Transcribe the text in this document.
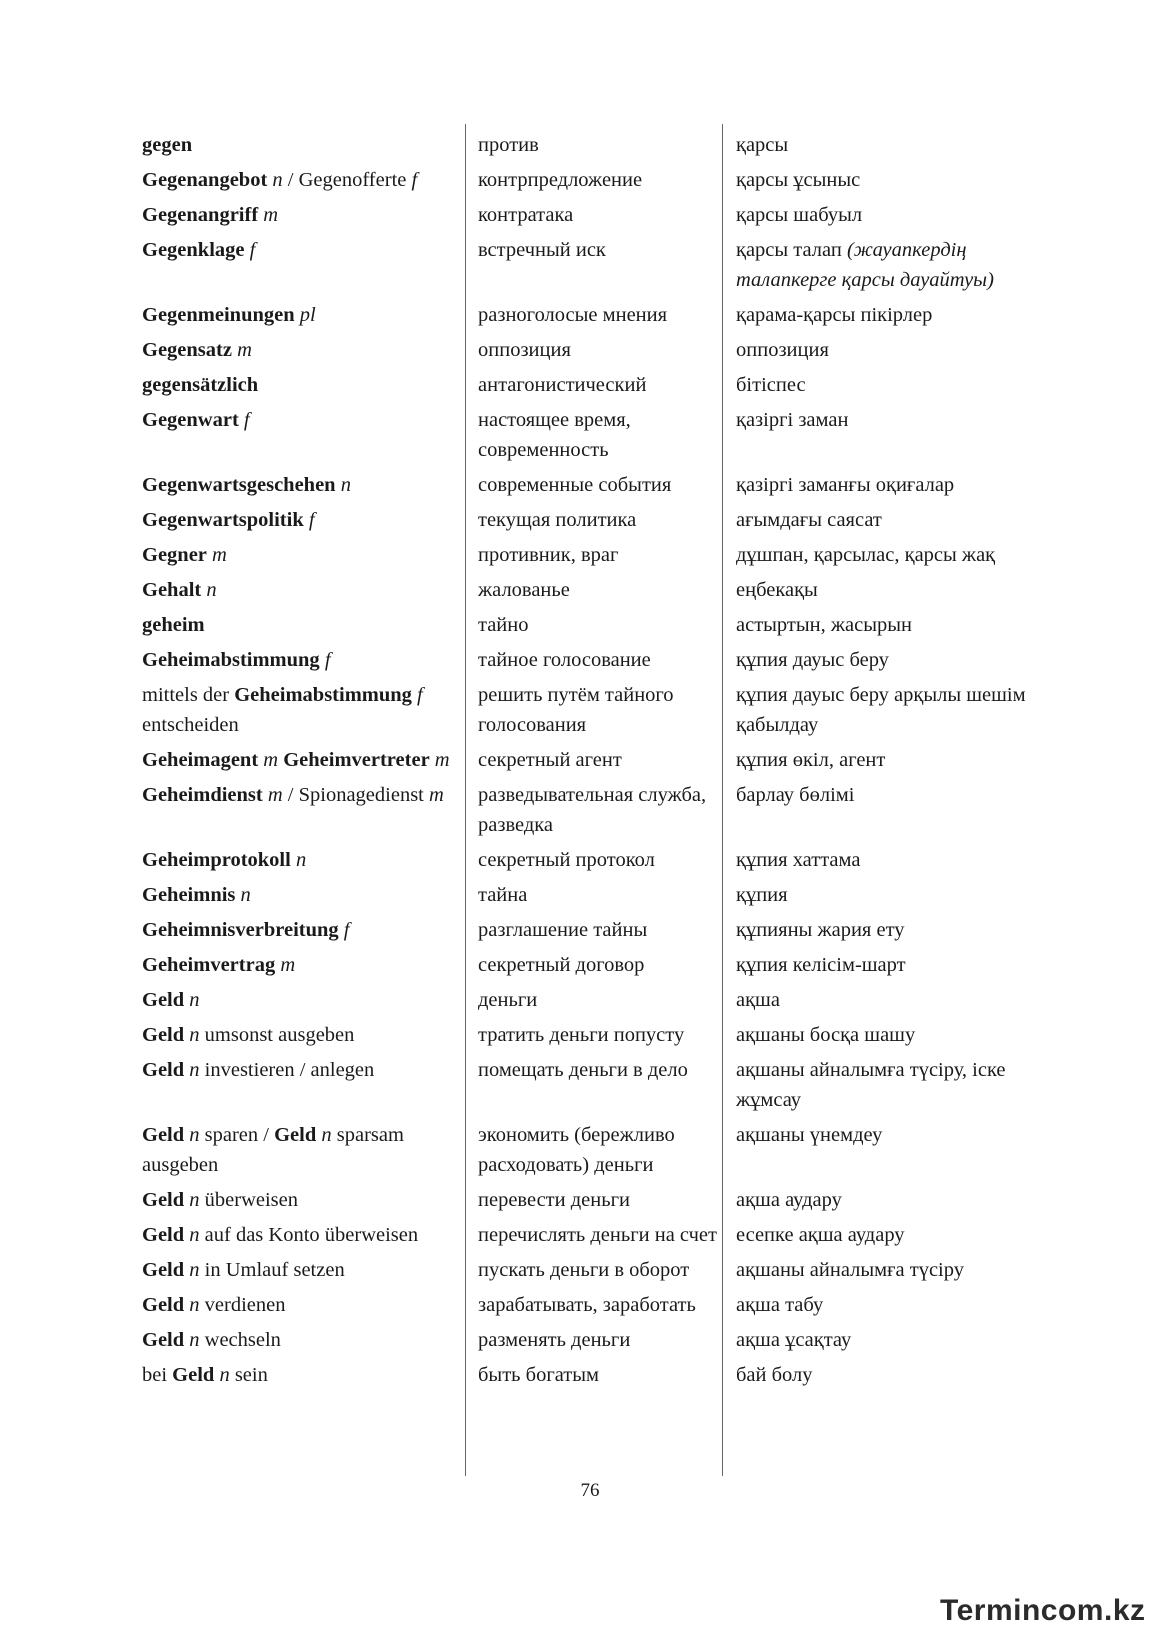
gegen	против	қарсы
Gegenangebot n / Gegenofferte f	контрпредложение	қарсы ұсыныс
Gegenangriff m	контратака	қарсы шабуыл
Gegenklage f	встречный иск	қарсы талап (жауапкердің талапкерге қарсы дауайтуы)
Gegenmeinungen pl	разноголосые мнения	қарама-қарсы пікірлер
Gegensatz m	оппозиция	оппозиция
gegensätzlich	антагонистический	бітіспес
Gegenwart f	настоящее время, современность	қазіргі заман
Gegenwartsgeschehen n	современные события	қазіргі заманғы оқиғалар
Gegenwartspolitik f	текущая политика	ағымдағы саясат
Gegner m	противник, враг	дұшпан, қарсылас, қарсы жақ
Gehalt n	жалованье	еңбекақы
geheim	тайно	астыртын, жасырын
Geheimabstimmung f	тайное голосование	құпия дауыс беру
mittels der Geheimabstimmung f entscheiden	решить путём тайного голосования	құпия дауыс беру арқылы шешім қабылдау
Geheimagent m Geheimvertreter m	секретный агент	құпия өкіл, агент
Geheimdienst m / Spionagedienst m	разведывательная служба, разведка	барлау бөлімі
Geheimprotokoll n	секретный протокол	құпия хаттама
Geheimnis n	тайна	құпия
Geheimnisverbreitung f	разглашение тайны	құпияны жария ету
Geheimvertrag m	секретный договор	құпия келісім-шарт
Geld n	деньги	ақша
Geld n umsonst ausgeben	тратить деньги попусту	ақшаны босқа шашу
Geld n investieren / anlegen	помещать деньги в дело	ақшаны айналымға түсіру, іске жұмсау
Geld n sparen / Geld n sparsam ausgeben	экономить (бережливо расходовать) деньги	ақшаны үнемдеу
Geld n überweisen	перевести деньги	ақша аудару
Geld n auf das Konto überweisen	перечислять деньги на счет	есепке ақша аудару
Geld n in Umlauf setzen	пускать деньги в оборот	ақшаны айналымға түсіру
Geld n verdienen	зарабатывать, заработать	ақша табу
Geld n wechseln	разменять деньги	ақша ұсақтау
bei Geld n sein	быть богатым	бай болу
76
Termincom.kz
